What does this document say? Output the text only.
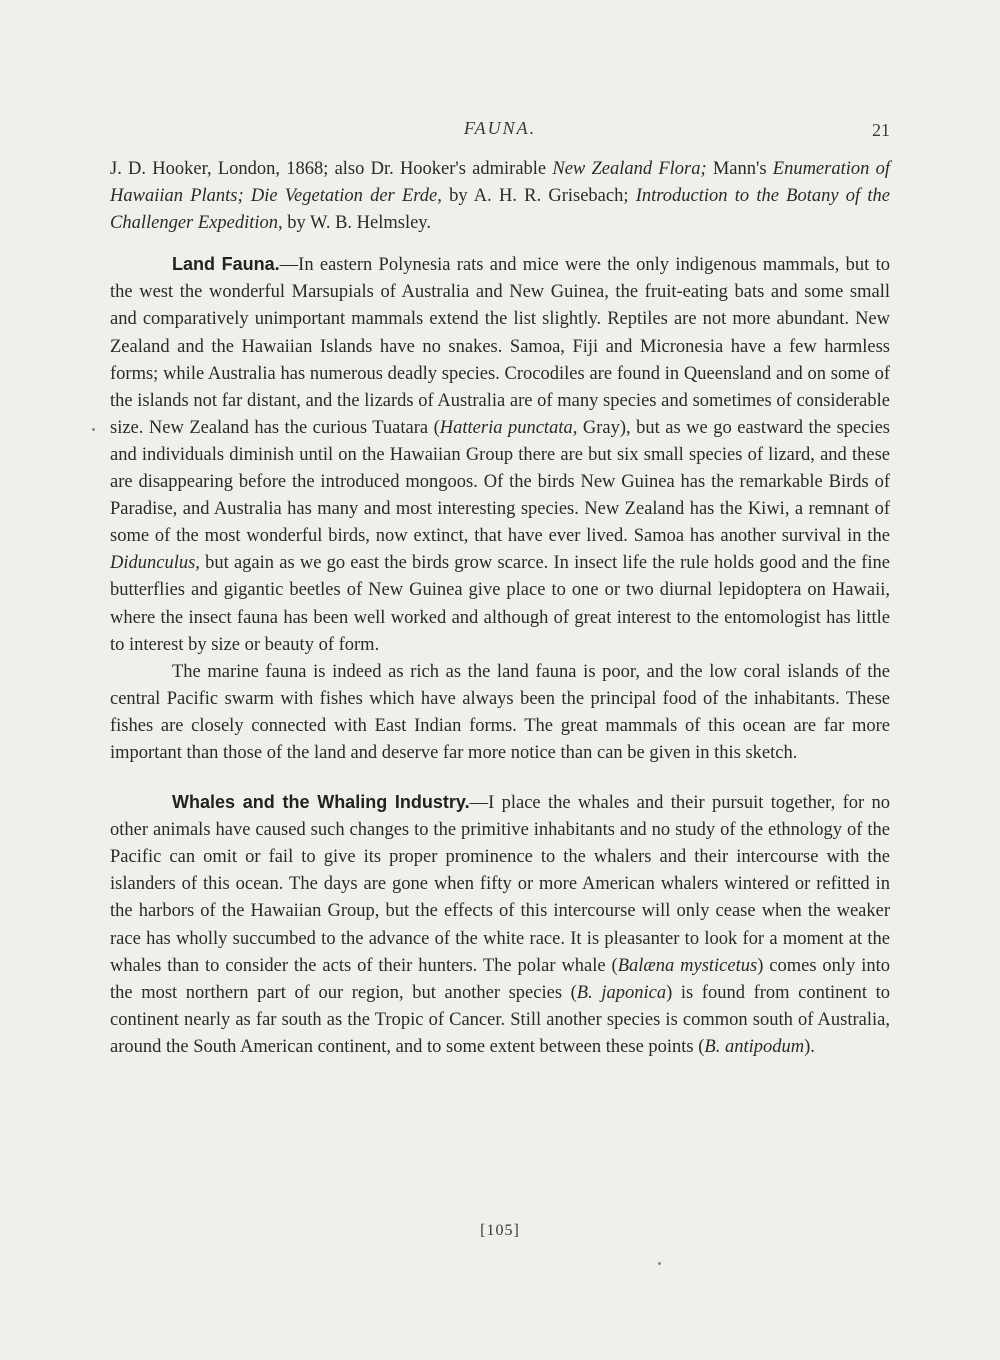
FAUNA.	21

J. D. Hooker, London, 1868; also Dr. Hooker's admirable New Zealand Flora; Mann's Enumeration of Hawaiian Plants; Die Vegetation der Erde, by A. H. R. Grisebach; Introduction to the Botany of the Challenger Expedition, by W. B. Helmsley.

Land Fauna.—In eastern Polynesia rats and mice were the only indigenous mammals, but to the west the wonderful Marsupials of Australia and New Guinea, the fruit-eating bats and some small and comparatively unimportant mammals extend the list slightly. Reptiles are not more abundant. New Zealand and the Hawaiian Islands have no snakes. Samoa, Fiji and Micronesia have a few harmless forms; while Australia has numerous deadly species. Crocodiles are found in Queensland and on some of the islands not far distant, and the lizards of Australia are of many species and sometimes of considerable size. New Zealand has the curious Tuatara (Hatteria punctata, Gray), but as we go eastward the species and individuals diminish until on the Hawaiian Group there are but six small species of lizard, and these are disappearing before the introduced mongoos. Of the birds New Guinea has the remarkable Birds of Paradise, and Australia has many and most interesting species. New Zealand has the Kiwi, a remnant of some of the most wonderful birds, now extinct, that have ever lived. Samoa has another survival in the Didunculus, but again as we go east the birds grow scarce. In insect life the rule holds good and the fine butterflies and gigantic beetles of New Guinea give place to one or two diurnal lepidoptera on Hawaii, where the insect fauna has been well worked and although of great interest to the entomologist has little to interest by size or beauty of form.

The marine fauna is indeed as rich as the land fauna is poor, and the low coral islands of the central Pacific swarm with fishes which have always been the principal food of the inhabitants. These fishes are closely connected with East Indian forms. The great mammals of this ocean are far more important than those of the land and deserve far more notice than can be given in this sketch.

Whales and the Whaling Industry.—I place the whales and their pursuit together, for no other animals have caused such changes to the primitive inhabitants and no study of the ethnology of the Pacific can omit or fail to give its proper prominence to the whalers and their intercourse with the islanders of this ocean. The days are gone when fifty or more American whalers wintered or refitted in the harbors of the Hawaiian Group, but the effects of this intercourse will only cease when the weaker race has wholly succumbed to the advance of the white race. It is pleasanter to look for a moment at the whales than to consider the acts of their hunters. The polar whale (Balæna mysticetus) comes only into the most northern part of our region, but another species (B. japonica) is found from continent to continent nearly as far south as the Tropic of Cancer. Still another species is common south of Australia, around the South American continent, and to some extent between these points (B. antipodum).

[105]
